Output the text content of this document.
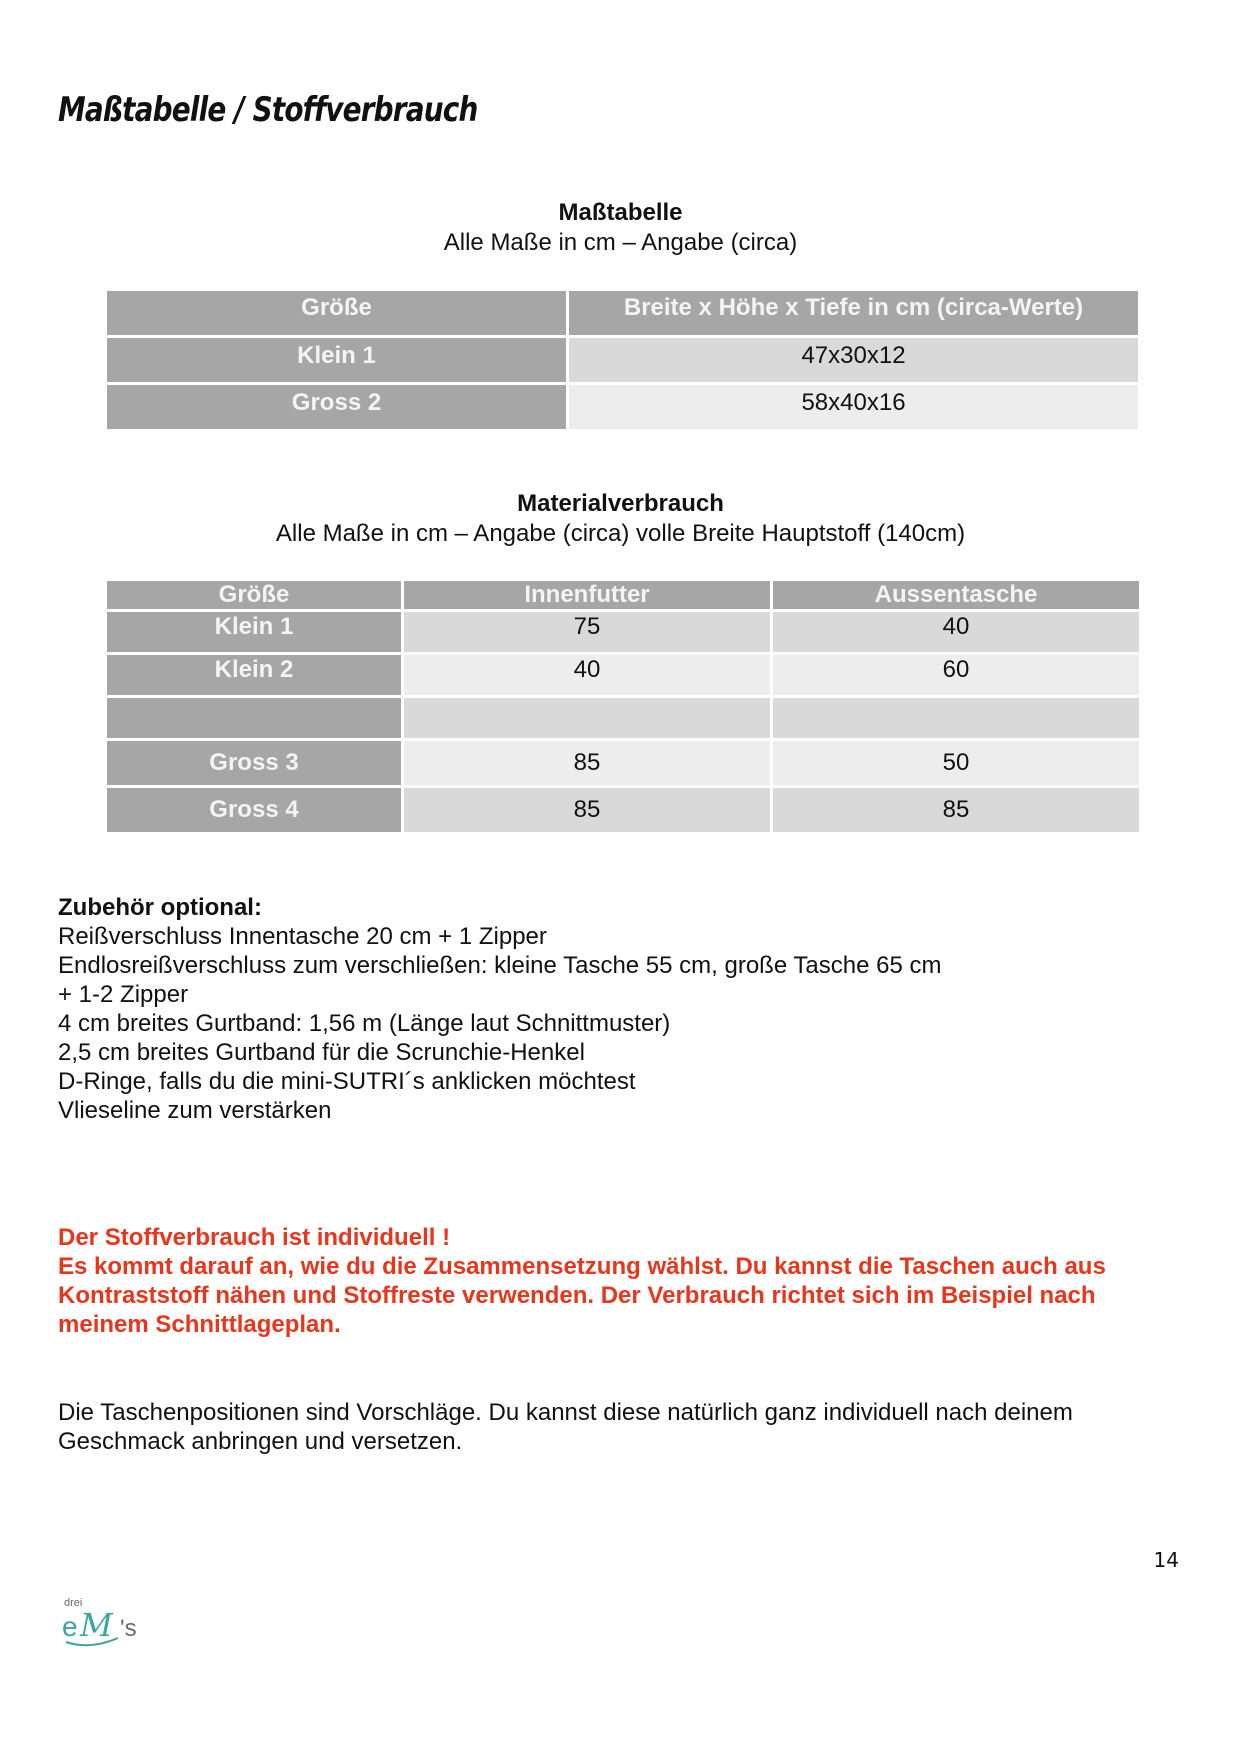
Maßtabelle / Stoffverbrauch
Maßtabelle
Alle Maße in cm – Angabe (circa)
Größe	Breite x Höhe x Tiefe in cm (circa-Werte)
Klein 1	47x30x12
Gross 2	58x40x16
Materialverbrauch
Alle Maße in cm – Angabe (circa) volle Breite Hauptstoff (140cm)
Größe	Innenfutter	Aussentasche
Klein 1	75	40
Klein 2	40	60

Gross 3	85	50
Gross 4	85	85
Zubehör optional:
Reißverschluss Innentasche 20 cm + 1 Zipper
Endlosreißverschluss zum verschließen: kleine Tasche 55 cm, große Tasche 65 cm
+ 1-2 Zipper
4 cm breites Gurtband: 1,56 m (Länge laut Schnittmuster)
2,5 cm breites Gurtband für die Scrunchie-Henkel
D-Ringe, falls du die mini-SUTRI´s anklicken möchtest
Vlieseline zum verstärken
Der Stoffverbrauch ist individuell !
Es kommt darauf an, wie du die Zusammensetzung wählst. Du kannst die Taschen auch aus Kontraststoff nähen und Stoffreste verwenden. Der Verbrauch richtet sich im Beispiel nach meinem Schnittlageplan.
Die Taschenpositionen sind Vorschläge. Du kannst diese natürlich ganz individuell nach deinem Geschmack anbringen und versetzen.
14
drei
e M 's
